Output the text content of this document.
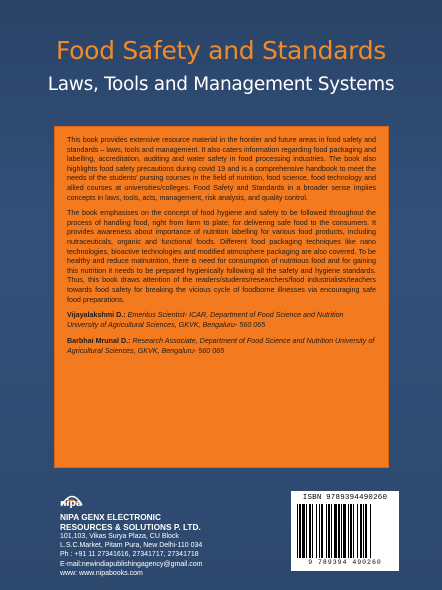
Food Safety and Standards
Laws, Tools and Management Systems

This book provides extensive resource material in the frontier and future areas in food safety and standards – laws, tools and management. It also caters information regarding food packaging and labelling, accreditation, auditing and water safety in food processing industries. The book also highlights food safety precautions during covid 19 and is a comprehensive handbook to meet the needs of the students' pursing courses in the field of nutrition, food science, food technology and allied courses at universities/colleges. Food Safety and Standards in a broader sense implies concepts in laws, tools, acts, management, risk analysis, and quality control.

The book emphasises on the concept of food hygiene and safety to be followed throughout the process of handling food, right from farm to plate; for delivering safe food to the consumers. It provides awareness about importance of nutrition labelling for various food products, including nutraceuticals, organic and functional foods. Different food packaging techniques like nano technologies, bioactive technologies and modified atmosphere packaging are also covered. To be healthy and reduce malnutrition, there is need for consumption of nutritious food and for gaining this nutrition it needs to be prepared hygienically following all the safety and hygiene standards. Thus, this book draws attention of the readers/students/researchers/food industrialists/teachers towards food safety for breaking the vicious cycle of foodborne illnesses via encouraging safe food preparations.

Vijayalakshmi D.: Emeritus Scientist- ICAR, Department of Food Science and Nutrition University of Agricultural Sciences, GKVK, Bengaluru- 560 065
Barbhai Mrunal D.: Research Associate, Department of Food Science and Nutrition University of Agricultural Sciences, GKVK, Bengaluru- 560 065
nipa
NIPA GENX ELECTRONIC
RESOURCES & SOLUTIONS P. LTD.
101,103, Vikas Surya Plaza, CU Block
L.S.C.Market, Pitam Pura, New Delhi-110 034
Ph : +91 11 27341616, 27341717, 27341718
E-mail:newindiapublishingagency@gmail.com
www: www.nipabooks.com
ISBN 9789394490260
9 789394 490260
